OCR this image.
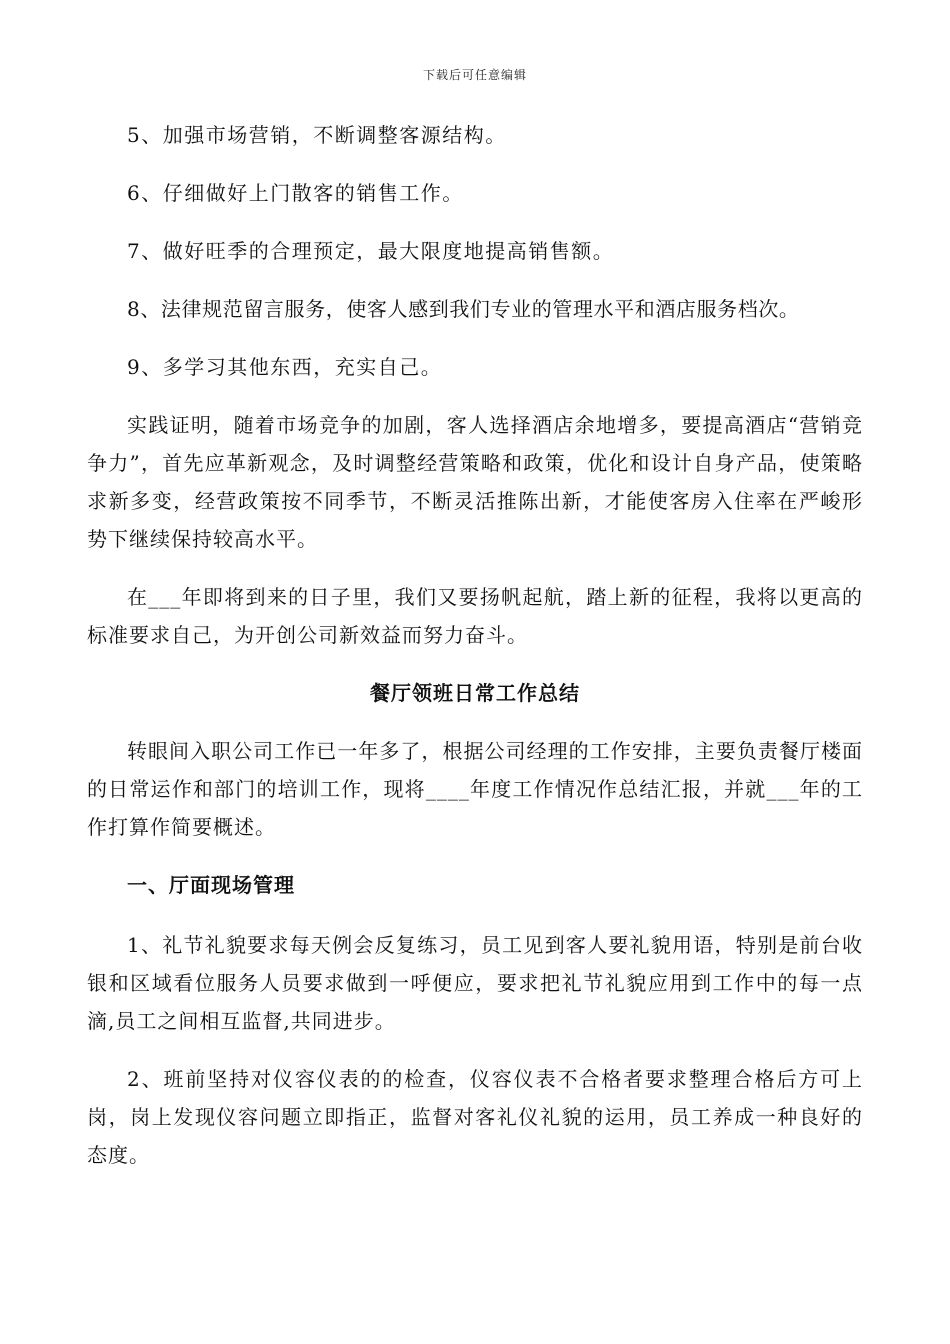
下载后可任意编辑

5、加强市场营销，不断调整客源结构。

6、仔细做好上门散客的销售工作。

7、做好旺季的合理预定，最大限度地提高销售额。

8、法律规范留言服务，使客人感到我们专业的管理水平和酒店服务档次。

9、多学习其他东西，充实自己。

实践证明，随着市场竞争的加剧，客人选择酒店余地增多，要提高酒店“营销竞争力”，首先应革新观念，及时调整经营策略和政策，优化和设计自身产品，使策略求新多变，经营政策按不同季节，不断灵活推陈出新，才能使客房入住率在严峻形势下继续保持较高水平。

在___年即将到来的日子里，我们又要扬帆起航，踏上新的征程，我将以更高的标准要求自己，为开创公司新效益而努力奋斗。

餐厅领班日常工作总结

转眼间入职公司工作已一年多了，根据公司经理的工作安排，主要负责餐厅楼面的日常运作和部门的培训工作，现将____年度工作情况作总结汇报，并就___年的工作打算作简要概述。

一、厅面现场管理

1、礼节礼貌要求每天例会反复练习，员工见到客人要礼貌用语，特别是前台收银和区域看位服务人员要求做到一呼便应，要求把礼节礼貌应用到工作中的每一点滴,员工之间相互监督,共同进步。

2、班前坚持对仪容仪表的的检查，仪容仪表不合格者要求整理合格后方可上岗，岗上发现仪容问题立即指正，监督对客礼仪礼貌的运用，员工养成一种良好的态度。
